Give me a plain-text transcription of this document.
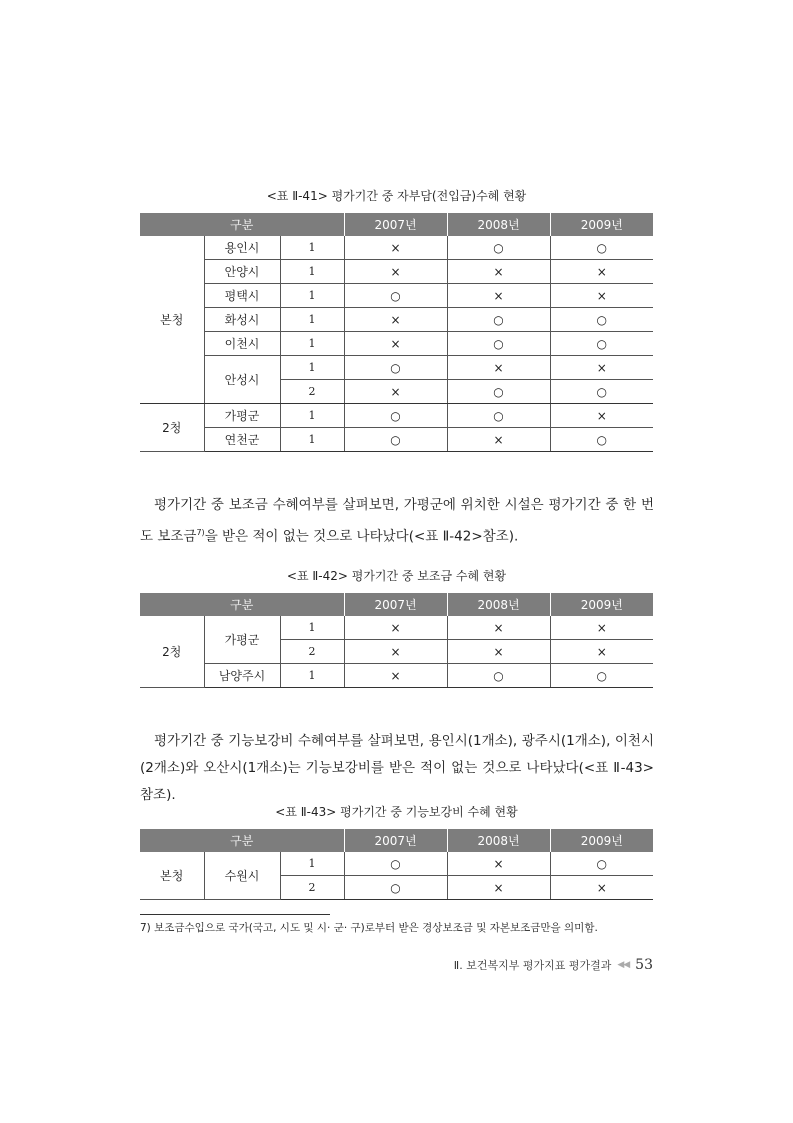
<표 Ⅱ-41> 평가기간 중 자부담(전입금)수혜 현황
구분			2007년	2008년	2009년
본청	용인시	1	×	○	○
	안양시	1	×	×	×
	평택시	1	○	×	×
	화성시	1	×	○	○
	이천시	1	×	○	○
	안성시	1	○	×	×
		2	×	○	○
2청	가평군	1	○	○	×
	연천군	1	○	×	○
평가기간 중 보조금 수혜여부를 살펴보면, 가평군에 위치한 시설은 평가기간 중 한 번 도 보조금$^{7)}$을 받은 적이 없는 것으로 나타났다(<표 Ⅱ-42>참조).
<표 Ⅱ-42> 평가기간 중 보조금 수혜 현황
구분			2007년	2008년	2009년
2청	가평군	1	×	×	×
		2	×	×	×
	남양주시	1	×	○	○
평가기간 중 기능보강비 수혜여부를 살펴보면, 용인시(1개소), 광주시(1개소), 이천시(2개소)와 오산시(1개소)는 기능보강비를 받은 적이 없는 것으로 나타났다(<표 Ⅱ-43>참조).
<표 Ⅱ-43> 평가기간 중 기능보강비 수혜 현황
구분			2007년	2008년	2009년
본청	수원시	1	○	×	○
		2	○	×	×
7) 보조금수입으로 국가(국고, 시도 및 시· 군· 구)로부터 받은 경상보조금 및 자본보조금만을 의미함.
Ⅱ. 보건복지부 평가지표 평가결과 ◀◀ 53
